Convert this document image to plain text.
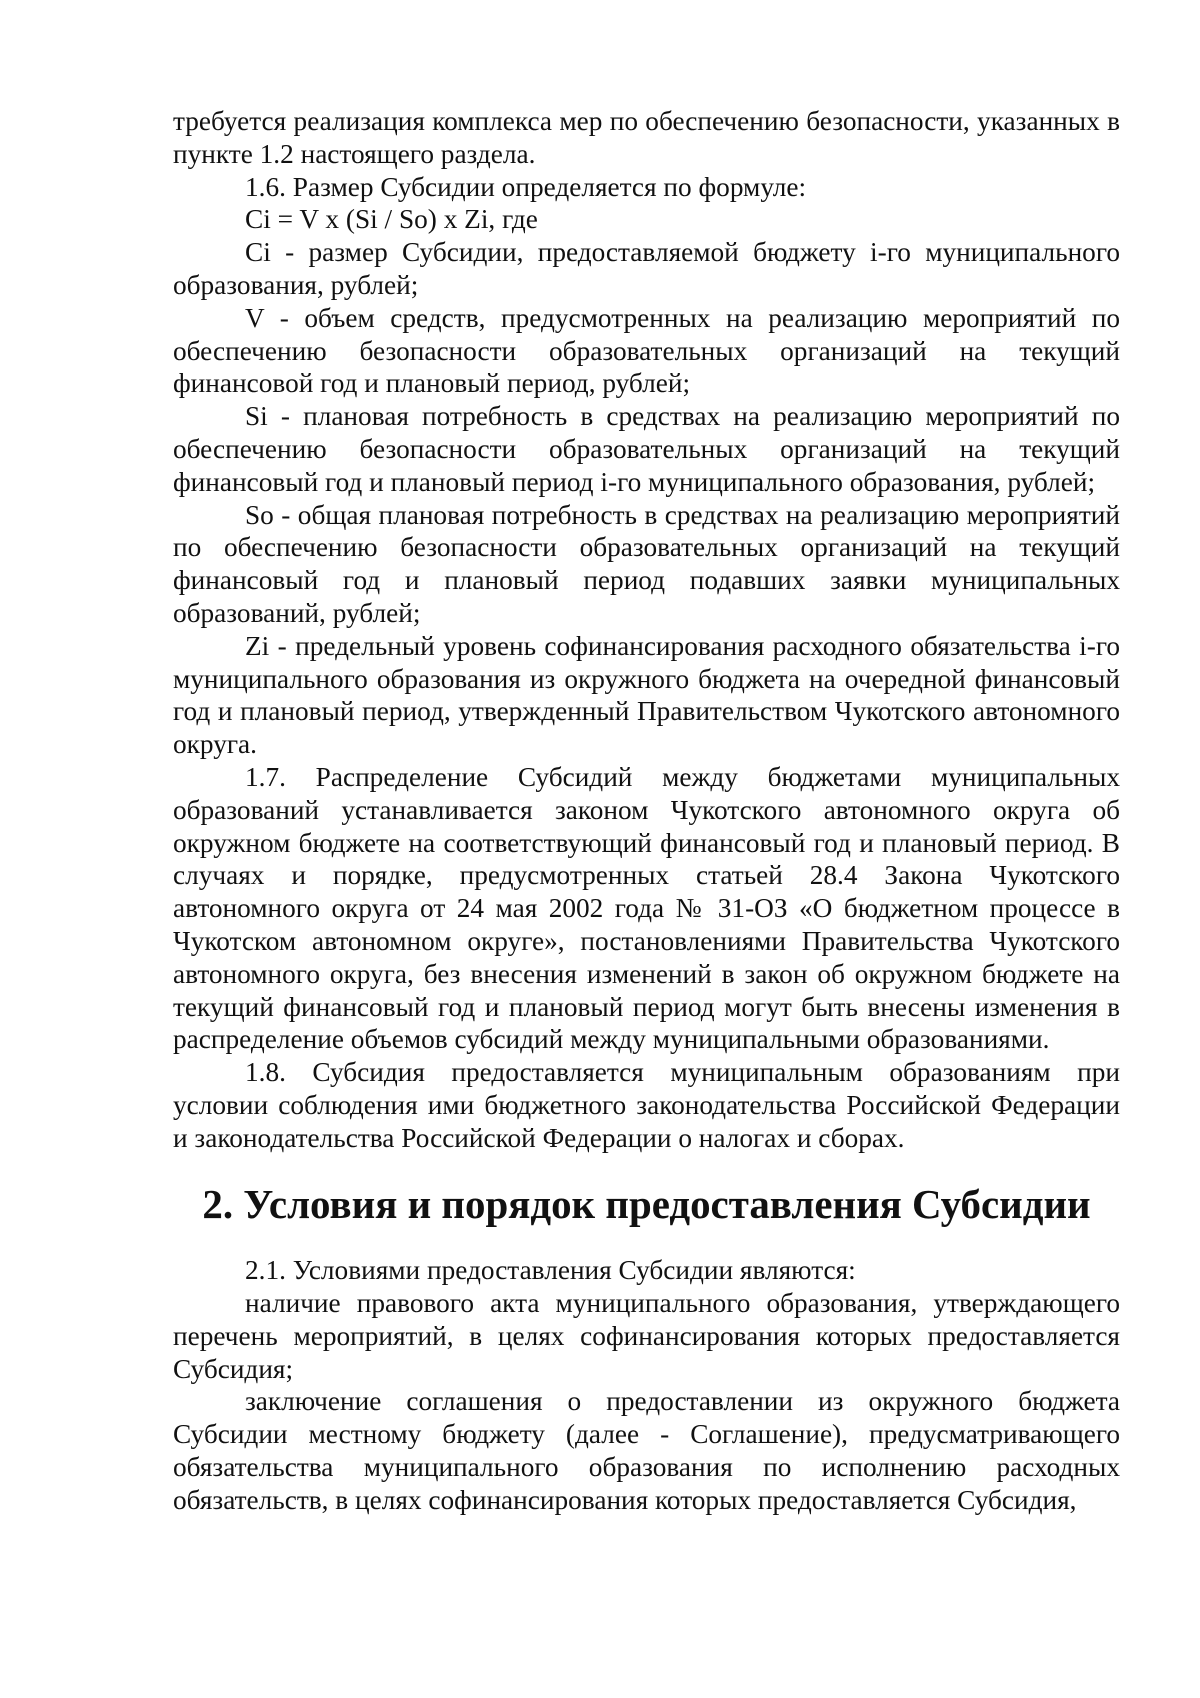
требуется реализация комплекса мер по обеспечению безопасности, указанных в пункте 1.2 настоящего раздела.

1.6. Размер Субсидии определяется по формуле:

Ci = V x (Si / So) x Zi, где

Ci - размер Субсидии, предоставляемой бюджету i-го муниципального образования, рублей;

V - объем средств, предусмотренных на реализацию мероприятий по обеспечению безопасности образовательных организаций на текущий финансовой год и плановый период, рублей;

Si - плановая потребность в средствах на реализацию мероприятий по обеспечению безопасности образовательных организаций на текущий финансовый год и плановый период i-го муниципального образования, рублей;

So - общая плановая потребность в средствах на реализацию мероприятий по обеспечению безопасности образовательных организаций на текущий финансовый год и плановый период подавших заявки муниципальных образований, рублей;

Zi - предельный уровень софинансирования расходного обязательства i-го муниципального образования из окружного бюджета на очередной финансовый год и плановый период, утвержденный Правительством Чукотского автономного округа.

1.7. Распределение Субсидий между бюджетами муниципальных образований устанавливается законом Чукотского автономного округа об окружном бюджете на соответствующий финансовый год и плановый период. В случаях и порядке, предусмотренных статьей 28.4 Закона Чукотского автономного округа от 24 мая 2002 года № 31-ОЗ «О бюджетном процессе в Чукотском автономном округе», постановлениями Правительства Чукотского автономного округа, без внесения изменений в закон об окружном бюджете на текущий финансовый год и плановый период могут быть внесены изменения в распределение объемов субсидий между муниципальными образованиями.

1.8. Субсидия предоставляется муниципальным образованиям при условии соблюдения ими бюджетного законодательства Российской Федерации и законодательства Российской Федерации о налогах и сборах.

2. Условия и порядок предоставления Субсидии

2.1. Условиями предоставления Субсидии являются:

наличие правового акта муниципального образования, утверждающего перечень мероприятий, в целях софинансирования которых предоставляется Субсидия;

заключение соглашения о предоставлении из окружного бюджета Субсидии местному бюджету (далее - Соглашение), предусматривающего обязательства муниципального образования по исполнению расходных обязательств, в целях софинансирования которых предоставляется Субсидия,
